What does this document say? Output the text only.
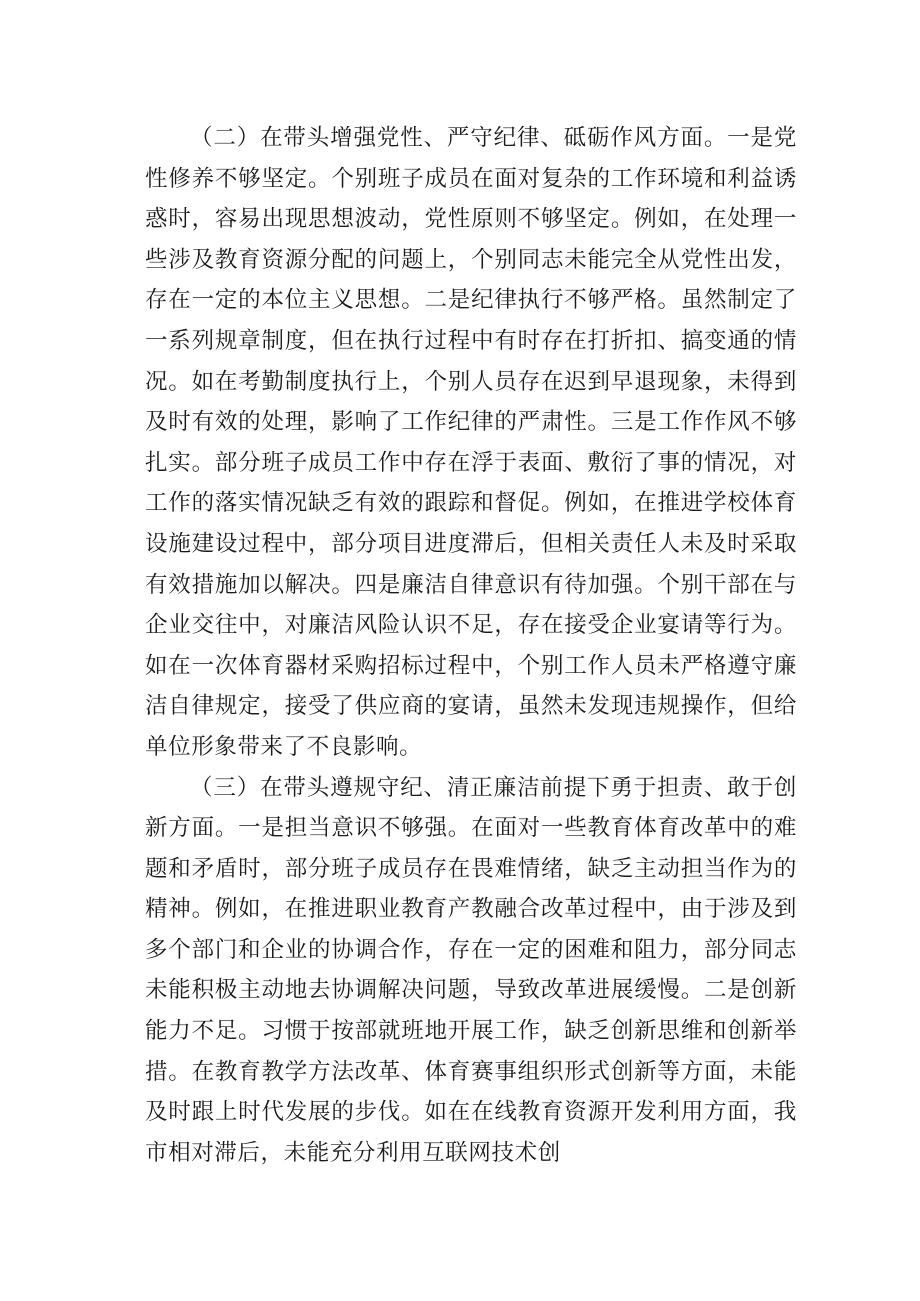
（二）在带头增强党性、严守纪律、砥砺作风方面。一是党性修养不够坚定。个别班子成员在面对复杂的工作环境和利益诱惑时，容易出现思想波动，党性原则不够坚定。例如，在处理一些涉及教育资源分配的问题上，个别同志未能完全从党性出发，存在一定的本位主义思想。二是纪律执行不够严格。虽然制定了一系列规章制度，但在执行过程中有时存在打折扣、搞变通的情况。如在考勤制度执行上，个别人员存在迟到早退现象，未得到及时有效的处理，影响了工作纪律的严肃性。三是工作作风不够扎实。部分班子成员工作中存在浮于表面、敷衍了事的情况，对工作的落实情况缺乏有效的跟踪和督促。例如，在推进学校体育设施建设过程中，部分项目进度滞后，但相关责任人未及时采取有效措施加以解决。四是廉洁自律意识有待加强。个别干部在与企业交往中，对廉洁风险认识不足，存在接受企业宴请等行为。如在一次体育器材采购招标过程中，个别工作人员未严格遵守廉洁自律规定，接受了供应商的宴请，虽然未发现违规操作，但给单位形象带来了不良影响。

（三）在带头遵规守纪、清正廉洁前提下勇于担责、敢于创新方面。一是担当意识不够强。在面对一些教育体育改革中的难题和矛盾时，部分班子成员存在畏难情绪，缺乏主动担当作为的精神。例如，在推进职业教育产教融合改革过程中，由于涉及到多个部门和企业的协调合作，存在一定的困难和阻力，部分同志未能积极主动地去协调解决问题，导致改革进展缓慢。二是创新能力不足。习惯于按部就班地开展工作，缺乏创新思维和创新举措。在教育教学方法改革、体育赛事组织形式创新等方面，未能及时跟上时代发展的步伐。如在在线教育资源开发利用方面，我市相对滞后，未能充分利用互联网技术创
